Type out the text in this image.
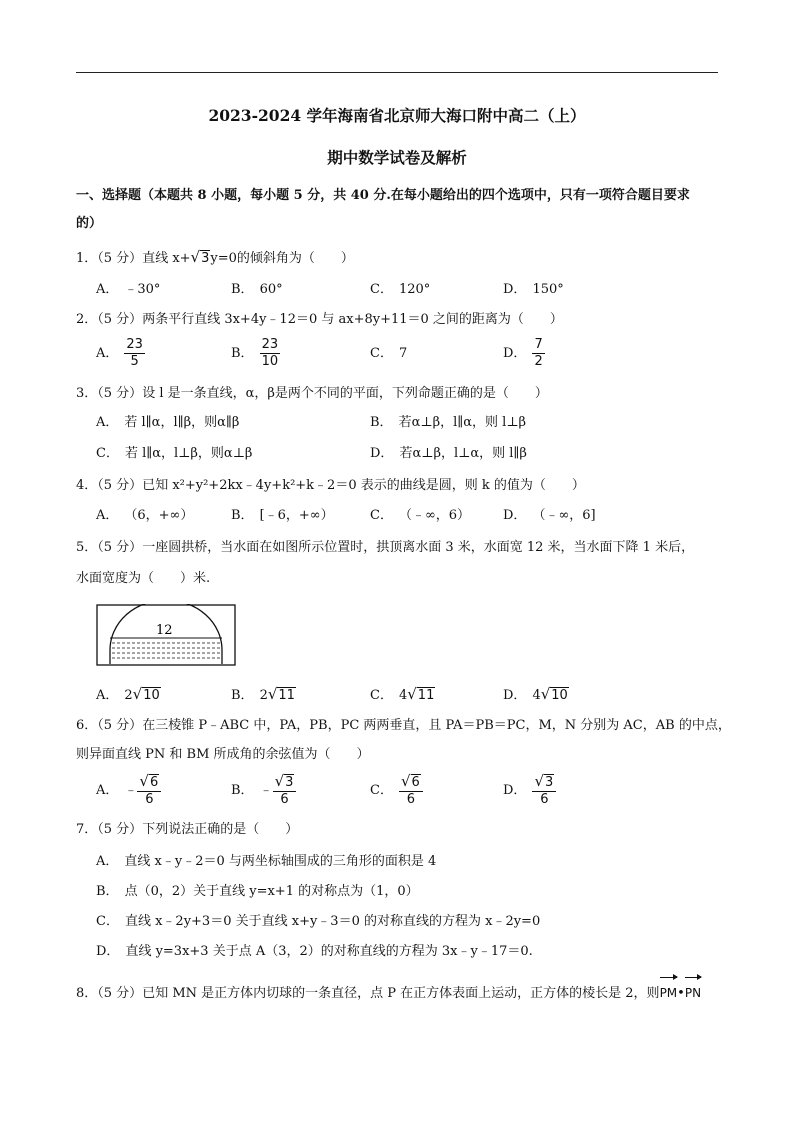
2023-2024 学年海南省北京师大海口附中高二（上）
期中数学试卷及解析
一、选择题（本题共 8 小题，每小题 5 分，共 40 分.在每小题给出的四个选项中，只有一项符合题目要求
的）
1．（5 分）直线 x+√3y=0的倾斜角为（　　）
A． ﹣30°	B． 60°	C． 120°	D． 150°
2．（5 分）两条平行直线 3x+4y﹣12＝0 与 ax+8y+11＝0 之间的距离为（　　）
A． $\frac{23}{5}$	B． $\frac{23}{10}$	C． 7	D． $\frac{7}{2}$
3．（5 分）设 l 是一条直线，α，β是两个不同的平面，下列命题正确的是（　　）
A． 若 l∥α，l∥β，则α∥β	B． 若α⊥β，l∥α，则 l⊥β
C． 若 l∥α，l⊥β，则α⊥β	D． 若α⊥β，l⊥α，则 l∥β
4．（5 分）已知 x²+y²+2kx﹣4y+k²+k﹣2＝0 表示的曲线是圆，则 k 的值为（　　）
A． （6，+∞）	B． [﹣6，+∞）	C． （﹣∞，6）	D． （﹣∞，6]
5．（5 分）一座圆拱桥，当水面在如图所示位置时，拱顶离水面 3 米，水面宽 12 米，当水面下降 1 米后，
水面宽度为（　　）米.
12
A． 2√10	B． 2√11	C． 4√11	D． 4√10
6．（5 分）在三棱锥 P﹣ABC 中，PA，PB，PC 两两垂直，且 PA＝PB＝PC，M，N 分别为 AC，AB 的中点，
则异面直线 PN 和 BM 所成角的余弦值为（　　）
A． ﹣ $\frac{√6}{6}$	B． ﹣ $\frac{√3}{6}$	C． $\frac{√6}{6}$	D． $\frac{√3}{6}$
7．（5 分）下列说法正确的是（　　）
A． 直线 x﹣y﹣2＝0 与两坐标轴围成的三角形的面积是 4
B． 点（0，2）关于直线 y=x+1 的对称点为（1，0）
C． 直线 x﹣2y+3＝0 关于直线 x+y﹣3＝0 的对称直线的方程为 x﹣2y=0
D． 直线 y=3x+3 关于点 A（3，2）的对称直线的方程为 3x﹣y﹣17＝0.
8．（5 分）已知 MN 是正方体内切球的一条直径，点 P 在正方体表面上运动，正方体的棱长是 2，则PM•PN
